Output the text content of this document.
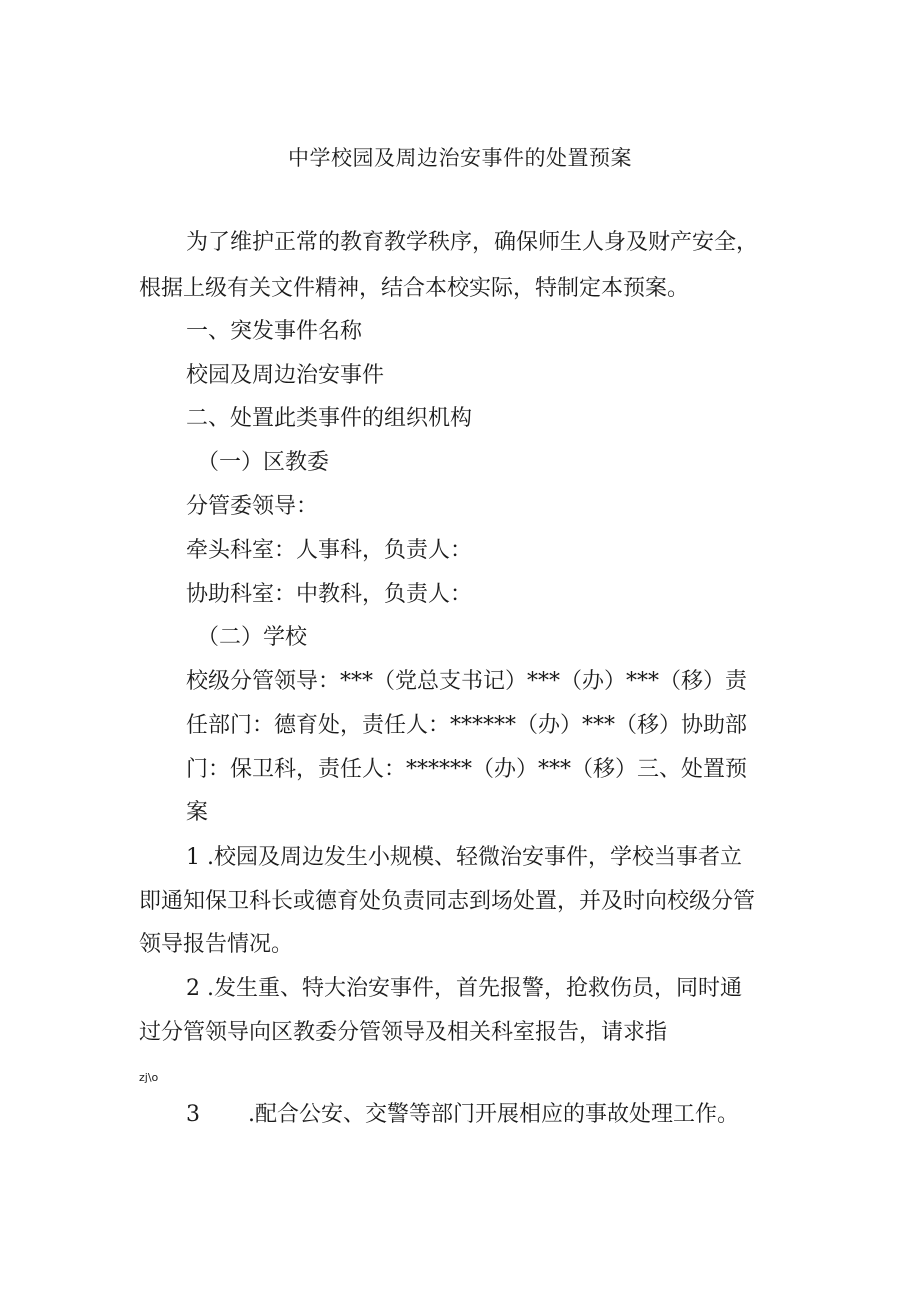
中学校园及周边治安事件的处置预案
为了维护正常的教育教学秩序，确保师生人身及财产安全，
根据上级有关文件精神，结合本校实际，特制定本预案。
一、突发事件名称
校园及周边治安事件
二、处置此类事件的组织机构
（一）区教委
分管委领导：
牵头科室：人事科，负责人：
协助科室：中教科，负责人：
（二）学校
校级分管领导：***（党总支书记）***（办）***（移）责
任部门：德育处，责任人：******（办）***（移）协助部
门：保卫科，责任人：******（办）***（移）三、处置预
案
1 .校园及周边发生小规模、轻微治安事件，学校当事者立
即通知保卫科长或德育处负责同志到场处置，并及时向校级分管
领导报告情况。
2 .发生重、特大治安事件，首先报警，抢救伤员，同时通
过分管领导向区教委分管领导及相关科室报告，请求指
zj\o
3 .配合公安、交警等部门开展相应的事故处理工作。
